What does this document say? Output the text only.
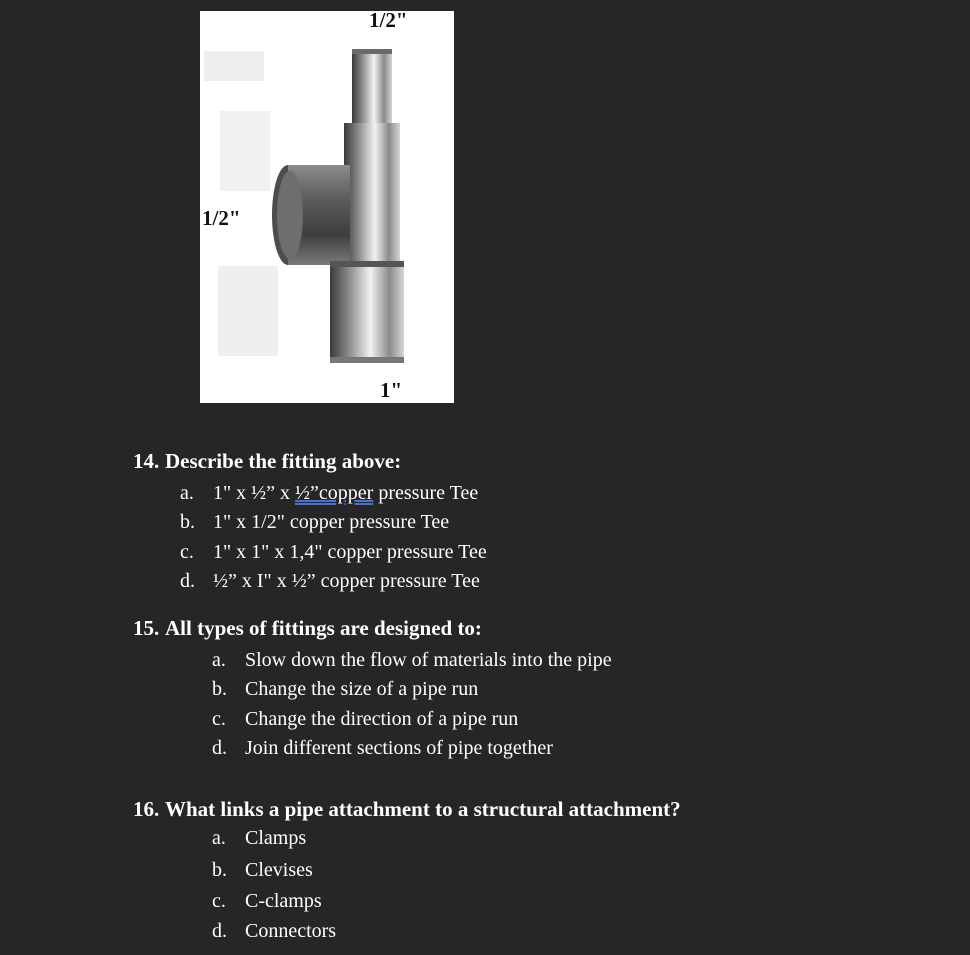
1/2"
1/2"
1"
14. Describe the fitting above:
a. 1" x ½” x ½”copper pressure Tee
b. 1" x 1/2" copper pressure Tee
c. 1" x 1" x 1,4" copper pressure Tee
d. ½” x I" x ½” copper pressure Tee
15. All types of fittings are designed to:
a. Slow down the flow of materials into the pipe
b. Change the size of a pipe run
c. Change the direction of a pipe run
d. Join different sections of pipe together
16. What links a pipe attachment to a structural attachment?
a. Clamps
b. Clevises
c. C-clamps
d. Connectors
